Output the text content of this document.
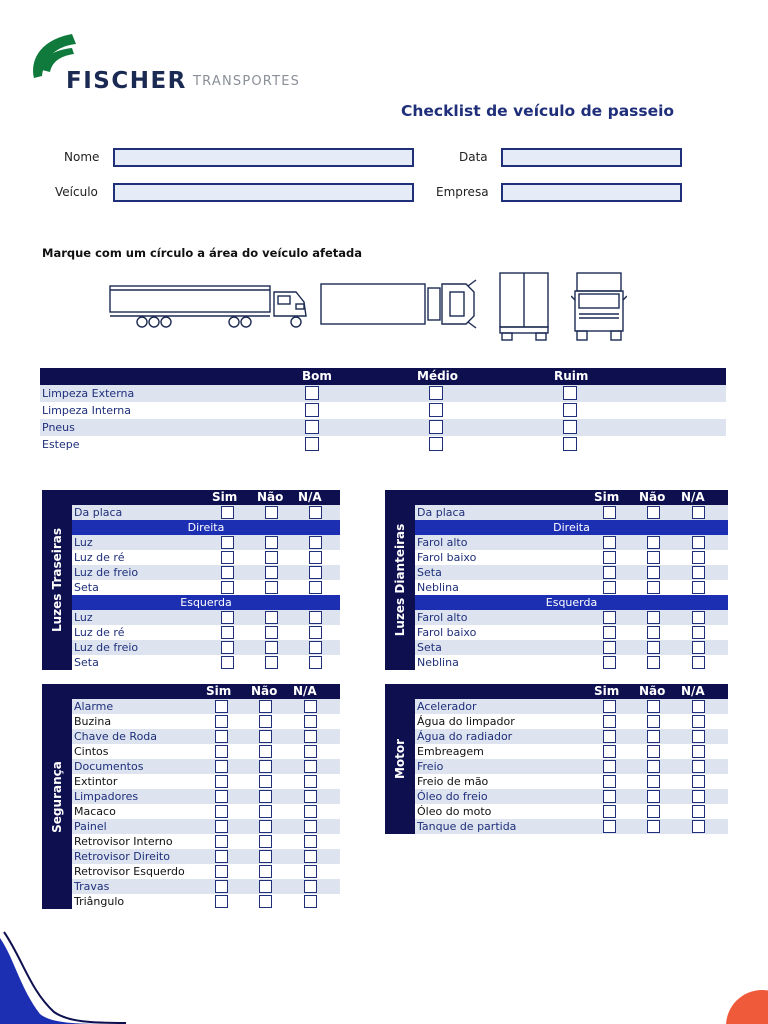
FISCHER TRANSPORTES
Checklist de veículo de passeio
Nome
Veículo
Data
Empresa
Marque com um círculo a área do veículo afetada
Bom	Médio	Ruim
Limpeza Externa
Limpeza Interna
Pneus
Estepe
Luzes Traseiras
Sim Não N/A
Da placa
Direita
Luz
Luz de ré
Luz de freio
Seta
Esquerda
Luz
Luz de ré
Luz de freio
Seta
Luzes Dianteiras
Sim Não N/A
Da placa
Direita
Farol alto
Farol baixo
Seta
Neblina
Esquerda
Farol alto
Farol baixo
Seta
Neblina
Segurança
Sim Não N/A
Alarme
Buzina
Chave de Roda
Cintos
Documentos
Extintor
Limpadores
Macaco
Painel
Retrovisor Interno
Retrovisor Direito
Retrovisor Esquerdo
Travas
Triângulo
Motor
Sim Não N/A
Acelerador
Água do limpador
Água do radiador
Embreagem
Freio
Freio de mão
Óleo do freio
Óleo do moto
Tanque de partida
